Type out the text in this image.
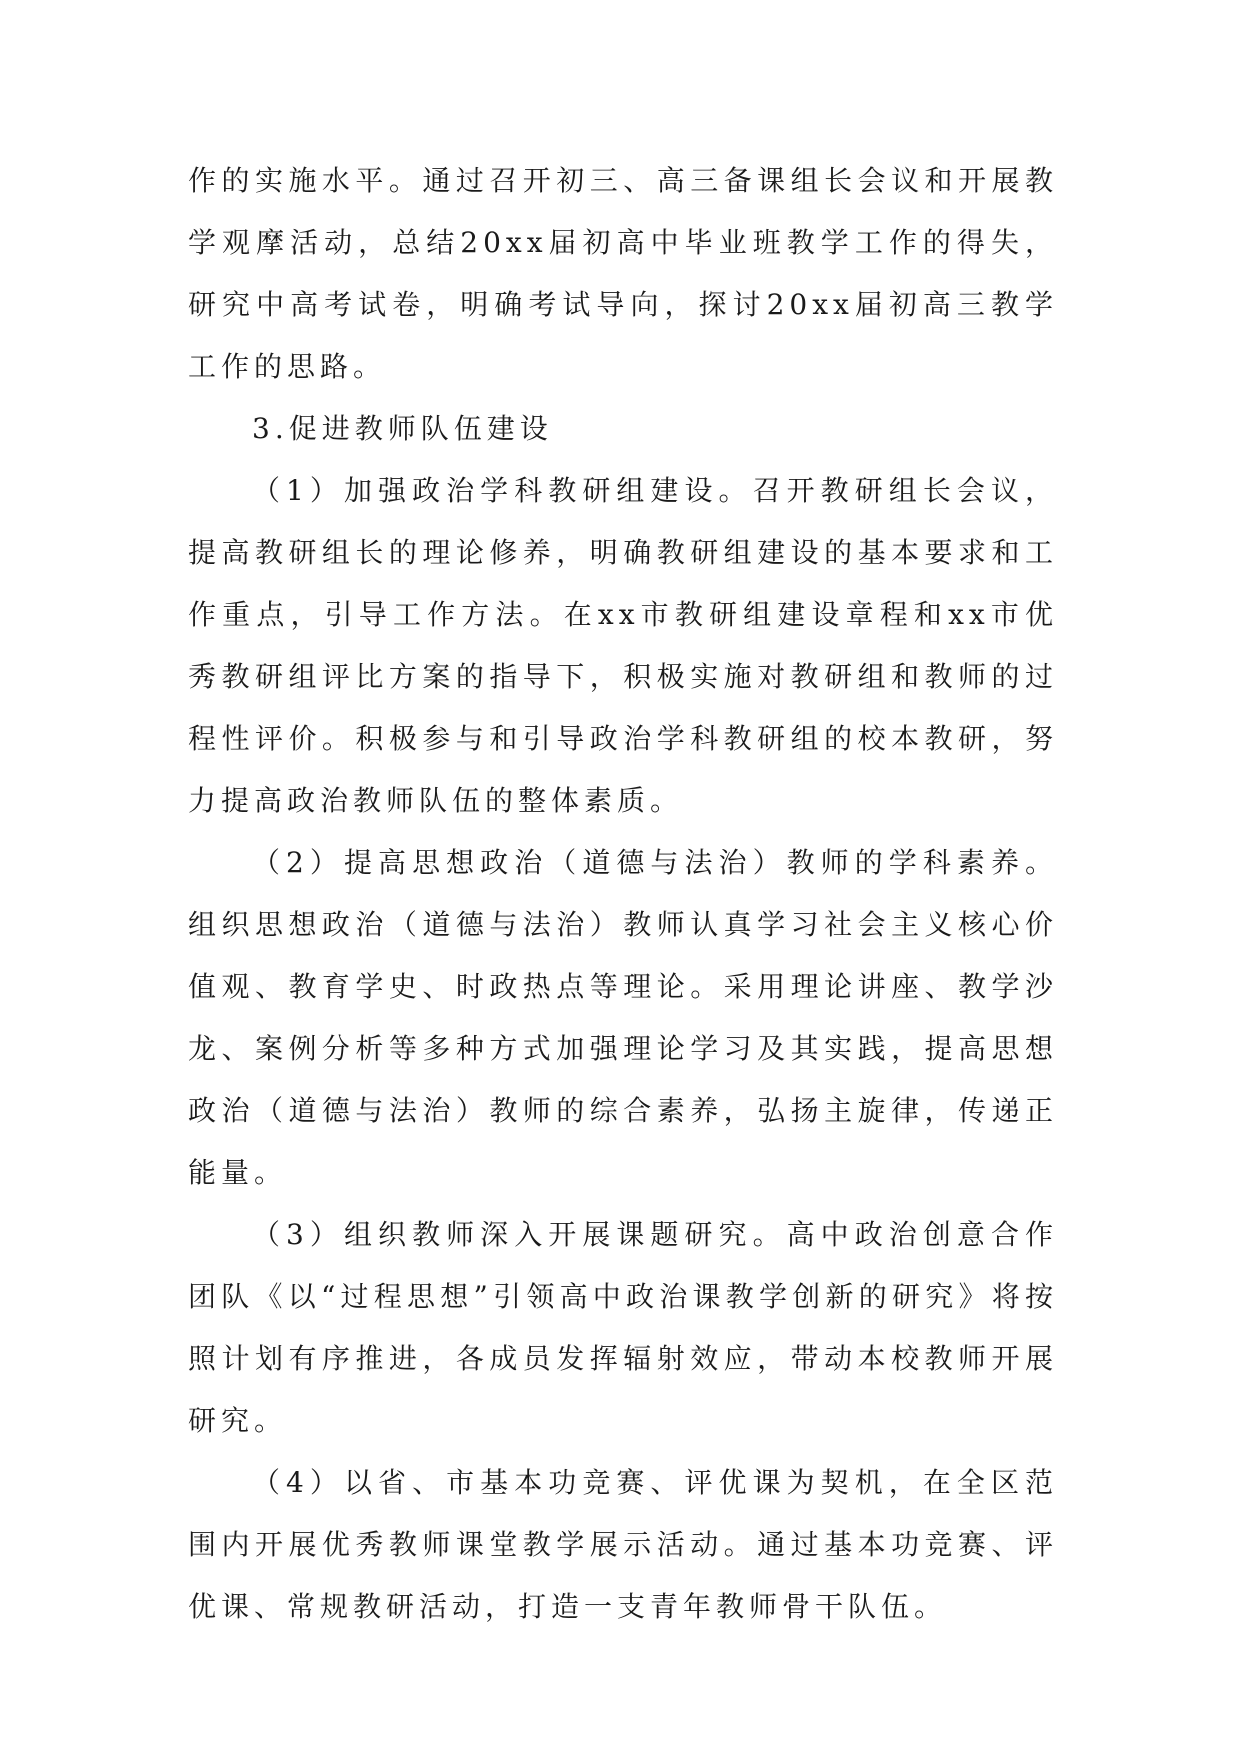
作的实施水平。通过召开初三、高三备课组长会议和开展教学观摩活动，总结20xx届初高中毕业班教学工作的得失，研究中高考试卷，明确考试导向，探讨20xx届初高三教学工作的思路。

3.促进教师队伍建设

（1）加强政治学科教研组建设。召开教研组长会议，提高教研组长的理论修养，明确教研组建设的基本要求和工作重点，引导工作方法。在xx市教研组建设章程和xx市优秀教研组评比方案的指导下，积极实施对教研组和教师的过程性评价。积极参与和引导政治学科教研组的校本教研，努力提高政治教师队伍的整体素质。

（2）提高思想政治（道德与法治）教师的学科素养。组织思想政治（道德与法治）教师认真学习社会主义核心价值观、教育学史、时政热点等理论。采用理论讲座、教学沙龙、案例分析等多种方式加强理论学习及其实践，提高思想政治（道德与法治）教师的综合素养，弘扬主旋律，传递正能量。

（3）组织教师深入开展课题研究。高中政治创意合作团队《以“过程思想”引领高中政治课教学创新的研究》将按照计划有序推进，各成员发挥辐射效应，带动本校教师开展研究。

（4）以省、市基本功竞赛、评优课为契机，在全区范围内开展优秀教师课堂教学展示活动。通过基本功竞赛、评优课、常规教研活动，打造一支青年教师骨干队伍。
